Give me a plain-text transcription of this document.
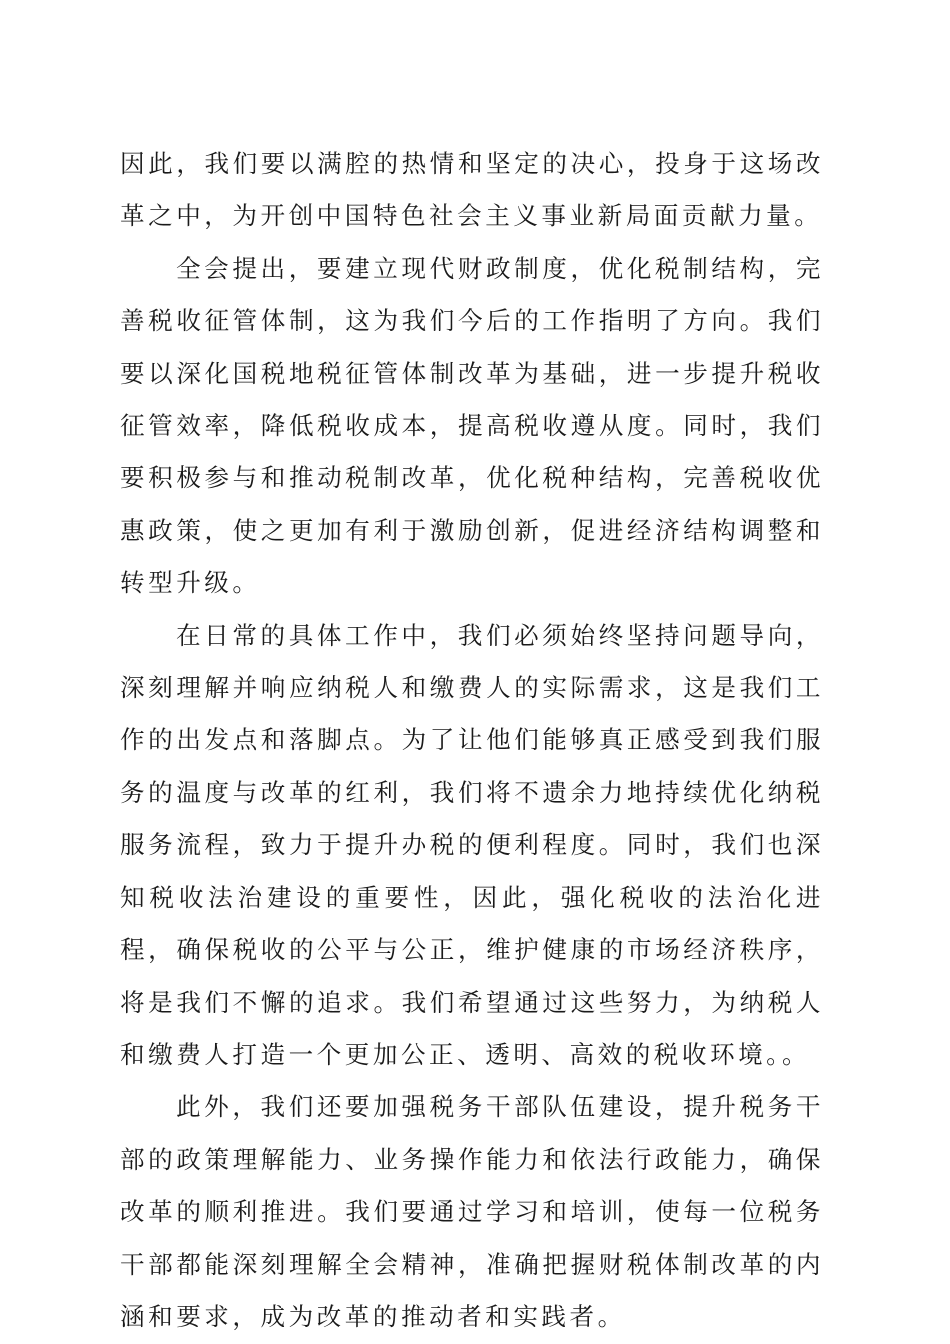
因此，我们要以满腔的热情和坚定的决心，投身于这场改革之中，为开创中国特色社会主义事业新局面贡献力量。

全会提出，要建立现代财政制度，优化税制结构，完善税收征管体制，这为我们今后的工作指明了方向。我们要以深化国税地税征管体制改革为基础，进一步提升税收征管效率，降低税收成本，提高税收遵从度。同时，我们要积极参与和推动税制改革，优化税种结构，完善税收优惠政策，使之更加有利于激励创新，促进经济结构调整和转型升级。

在日常的具体工作中，我们必须始终坚持问题导向，深刻理解并响应纳税人和缴费人的实际需求，这是我们工作的出发点和落脚点。为了让他们能够真正感受到我们服务的温度与改革的红利，我们将不遗余力地持续优化纳税服务流程，致力于提升办税的便利程度。同时，我们也深知税收法治建设的重要性，因此，强化税收的法治化进程，确保税收的公平与公正，维护健康的市场经济秩序，将是我们不懈的追求。我们希望通过这些努力，为纳税人和缴费人打造一个更加公正、透明、高效的税收环境。。

此外，我们还要加强税务干部队伍建设，提升税务干部的政策理解能力、业务操作能力和依法行政能力，确保改革的顺利推进。我们要通过学习和培训，使每一位税务干部都能深刻理解全会精神，准确把握财税体制改革的内涵和要求，成为改革的推动者和实践者。
